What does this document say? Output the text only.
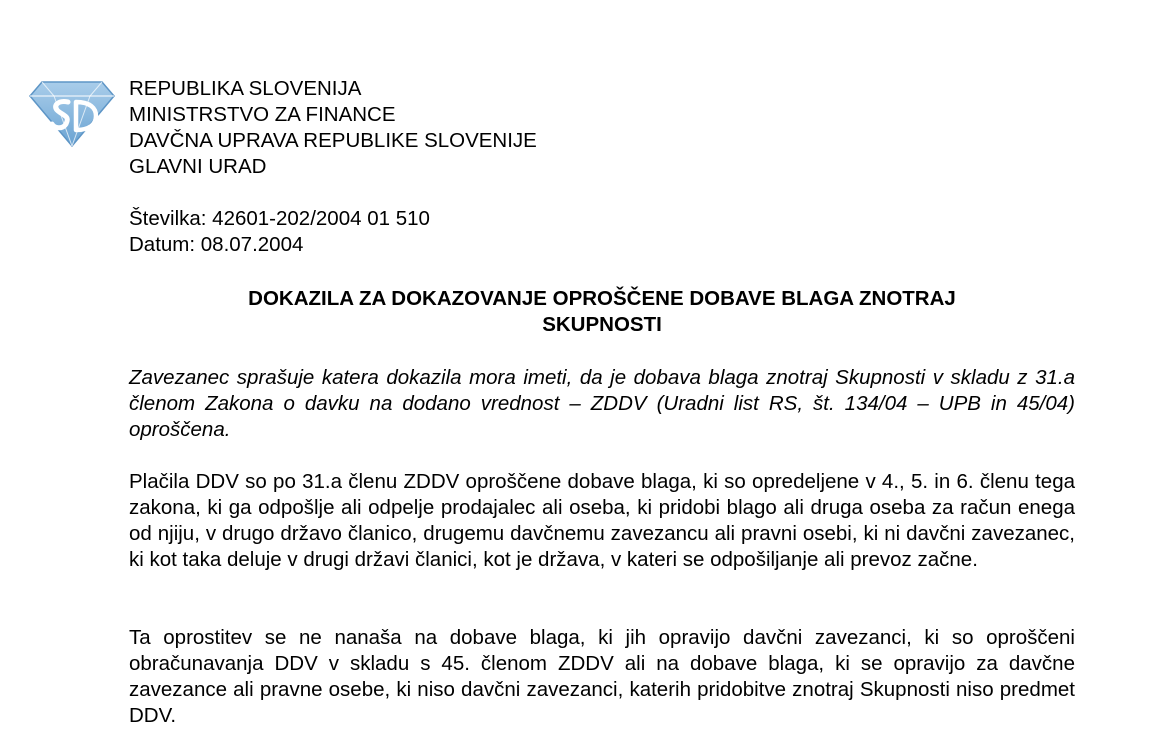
REPUBLIKA SLOVENIJA
MINISTRSTVO ZA FINANCE
DAVČNA UPRAVA REPUBLIKE SLOVENIJE
GLAVNI URAD
Številka: 42601-202/2004 01 510
Datum: 08.07.2004
DOKAZILA ZA DOKAZOVANJE OPROŠČENE DOBAVE BLAGA ZNOTRAJ
SKUPNOSTI
Zavezanec sprašuje katera dokazila mora imeti, da je dobava blaga znotraj Skupnosti v skladu z 31.a členom Zakona o davku na dodano vrednost – ZDDV (Uradni list RS, št. 134/04 – UPB in 45/04) oproščena.
Plačila DDV so po 31.a členu ZDDV oproščene dobave blaga, ki so opredeljene v 4., 5. in 6. členu tega zakona, ki ga odpošlje ali odpelje prodajalec ali oseba, ki pridobi blago ali druga oseba za račun enega od njiju, v drugo državo članico, drugemu davčnemu zavezancu ali pravni osebi, ki ni davčni zavezanec, ki kot taka deluje v drugi državi članici, kot je država, v kateri se odpošiljanje ali prevoz začne.
Ta oprostitev se ne nanaša na dobave blaga, ki jih opravijo davčni zavezanci, ki so oproščeni obračunavanja DDV v skladu s 45. členom ZDDV ali na dobave blaga, ki se opravijo za davčne zavezance ali pravne osebe, ki niso davčni zavezanci, katerih pridobitve znotraj Skupnosti niso predmet DDV.
